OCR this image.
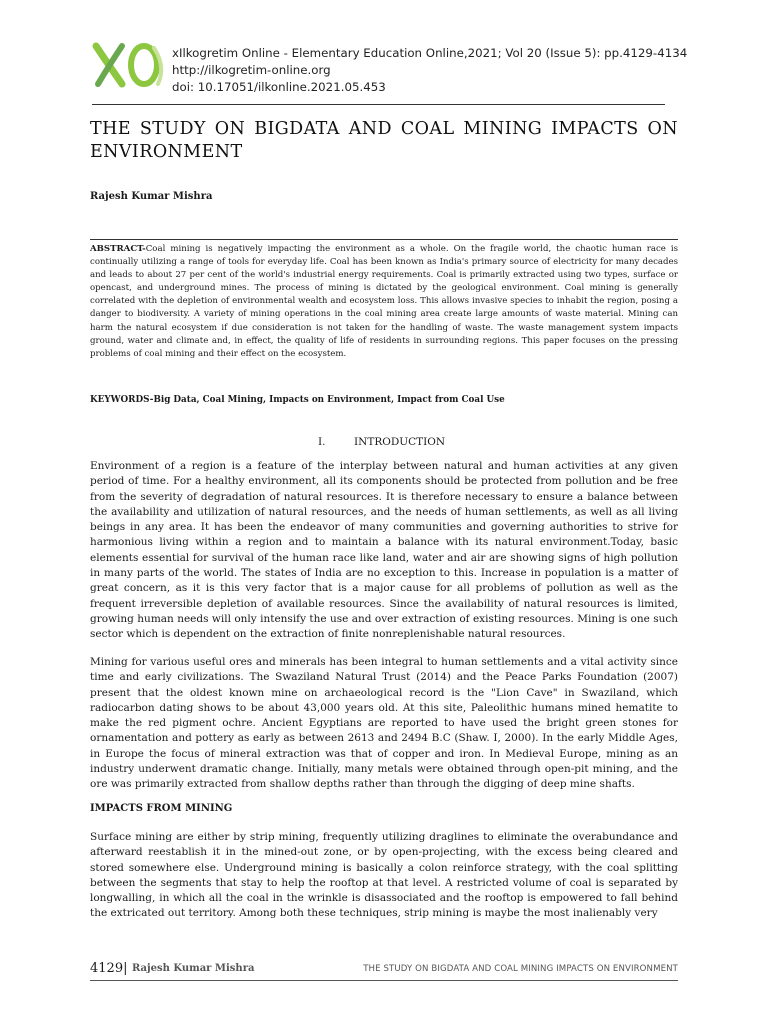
xIlkogretim Online - Elementary Education Online,2021; Vol 20 (Issue 5): pp.4129-4134
http://ilkogretim-online.org
doi: 10.17051/ilkonline.2021.05.453
THE STUDY ON BIGDATA AND COAL MINING IMPACTS ON ENVIRONMENT
Rajesh Kumar Mishra

ABSTRACT-Coal mining is negatively impacting the environment as a whole. On the fragile world, the chaotic human race is continually utilizing a range of tools for everyday life. Coal has been known as India's primary source of electricity for many decades and leads to about 27 per cent of the world's industrial energy requirements. Coal is primarily extracted using two types, surface or opencast, and underground mines. The process of mining is dictated by the geological environment. Coal mining is generally correlated with the depletion of environmental wealth and ecosystem loss. This allows invasive species to inhabit the region, posing a danger to biodiversity. A variety of mining operations in the coal mining area create large amounts of waste material. Mining can harm the natural ecosystem if due consideration is not taken for the handling of waste. The waste management system impacts ground, water and climate and, in effect, the quality of life of residents in surrounding regions. This paper focuses on the pressing problems of coal mining and their effect on the ecosystem.

KEYWORDS-Big Data, Coal Mining, Impacts on Environment, Impact from Coal Use
I.	INTRODUCTION

Environment of a region is a feature of the interplay between natural and human activities at any given period of time. For a healthy environment, all its components should be protected from pollution and be free from the severity of degradation of natural resources. It is therefore necessary to ensure a balance between the availability and utilization of natural resources, and the needs of human settlements, as well as all living beings in any area. It has been the endeavor of many communities and governing authorities to strive for harmonious living within a region and to maintain a balance with its natural environment.Today, basic elements essential for survival of the human race like land, water and air are showing signs of high pollution in many parts of the world. The states of India are no exception to this. Increase in population is a matter of great concern, as it is this very factor that is a major cause for all problems of pollution as well as the frequent irreversible depletion of available resources. Since the availability of natural resources is limited, growing human needs will only intensify the use and over extraction of existing resources. Mining is one such sector which is dependent on the extraction of finite nonreplenishable natural resources.

Mining for various useful ores and minerals has been integral to human settlements and a vital activity since time and early civilizations. The Swaziland Natural Trust (2014) and the Peace Parks Foundation (2007) present that the oldest known mine on archaeological record is the "Lion Cave" in Swaziland, which radiocarbon dating shows to be about 43,000 years old. At this site, Paleolithic humans mined hematite to make the red pigment ochre. Ancient Egyptians are reported to have used the bright green stones for ornamentation and pottery as early as between 2613 and 2494 B.C (Shaw. I, 2000). In the early Middle Ages, in Europe the focus of mineral extraction was that of copper and iron. In Medieval Europe, mining as an industry underwent dramatic change. Initially, many metals were obtained through open-pit mining, and the ore was primarily extracted from shallow depths rather than through the digging of deep mine shafts.

IMPACTS FROM MINING

Surface mining are either by strip mining, frequently utilizing draglines to eliminate the overabundance and afterward reestablish it in the mined-out zone, or by open-projecting, with the excess being cleared and stored somewhere else. Underground mining is basically a colon reinforce strategy, with the coal splitting between the segments that stay to help the rooftop at that level. A restricted volume of coal is separated by longwalling, in which all the coal in the wrinkle is disassociated and the rooftop is empowered to fall behind the extricated out territory. Among both these techniques, strip mining is maybe the most inalienably very

4129| Rajesh Kumar Mishra	THE STUDY ON BIGDATA AND COAL MINING IMPACTS ON ENVIRONMENT
